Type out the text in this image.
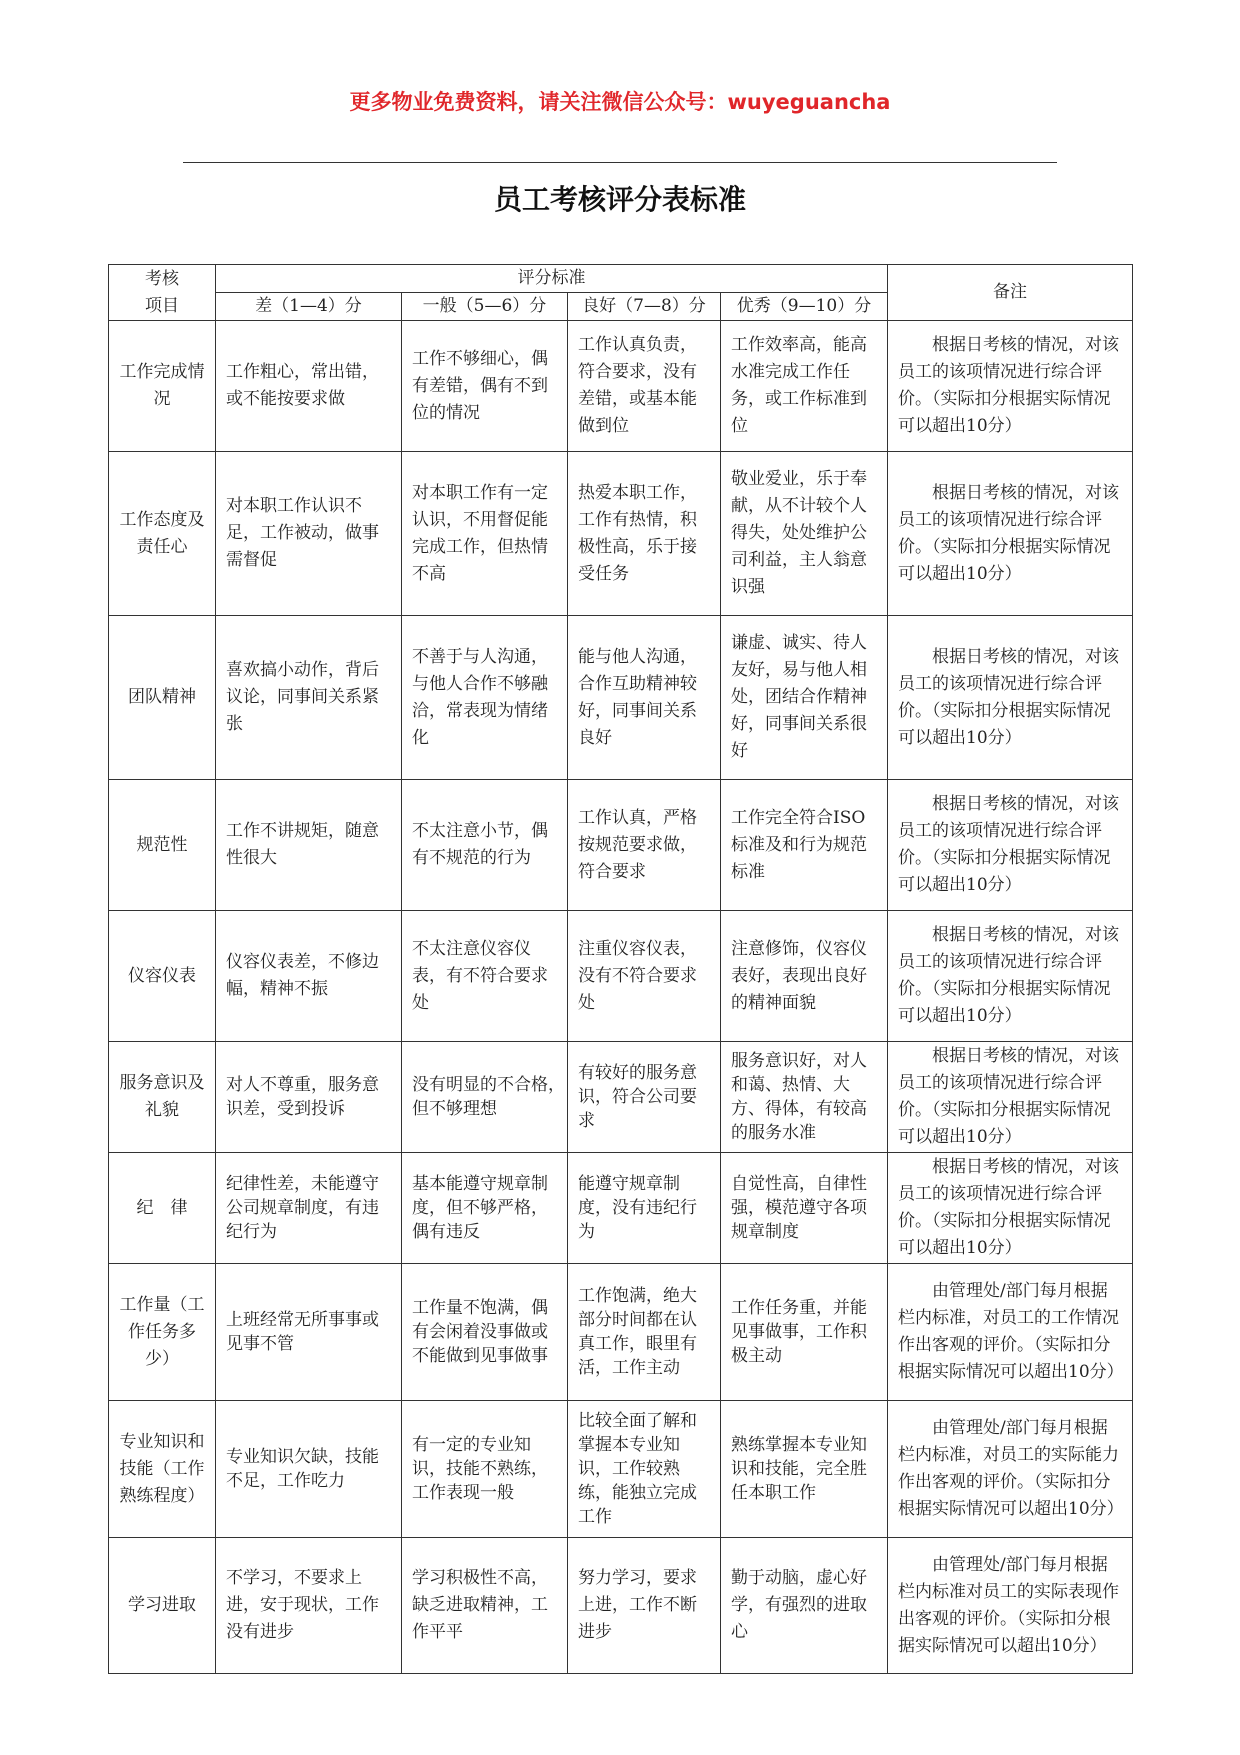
更多物业免费资料，请关注微信公众号：wuyeguancha
员工考核评分表标准
考核
项目	评分标准				备注
	差（1—4）分	一般（5—6）分	良好（7—8）分	优秀（9—10）分	
工作完成情况	工作粗心，常出错，或不能按要求做	工作不够细心，偶有差错，偶有不到位的情况	工作认真负责，符合要求，没有差错，或基本能做到位	工作效率高，能高水准完成工作任务，或工作标准到位	根据日考核的情况，对该员工的该项情况进行综合评价。（实际扣分根据实际情况可以超出10分）

工作态度及责任心	对本职工作认识不足，工作被动，做事需督促	对本职工作有一定认识，不用督促能完成工作，但热情不高	热爱本职工作，工作有热情，积极性高，乐于接受任务	敬业爱业，乐于奉献，从不计较个人得失，处处维护公司利益，主人翁意识强	根据日考核的情况，对该员工的该项情况进行综合评价。（实际扣分根据实际情况可以超出10分）

团队精神	喜欢搞小动作，背后议论，同事间关系紧张	不善于与人沟通，与他人合作不够融洽，常表现为情绪化	能与他人沟通，合作互助精神较好，同事间关系良好	谦虚、诚实、待人友好，易与他人相处，团结合作精神好，同事间关系很好	根据日考核的情况，对该员工的该项情况进行综合评价。（实际扣分根据实际情况可以超出10分）

规范性	工作不讲规矩，随意性很大	不太注意小节，偶有不规范的行为	工作认真，严格按规范要求做，符合要求	工作完全符合ISO标准及和行为规范标准	根据日考核的情况，对该员工的该项情况进行综合评价。（实际扣分根据实际情况可以超出10分）

仪容仪表	仪容仪表差，不修边幅，精神不振	不太注意仪容仪表，有不符合要求处	注重仪容仪表，没有不符合要求处	注意修饰，仪容仪表好，表现出良好的精神面貌	根据日考核的情况，对该员工的该项情况进行综合评价。（实际扣分根据实际情况可以超出10分）

服务意识及礼貌	对人不尊重，服务意识差，受到投诉	没有明显的不合格，　　但不够理想	有较好的服务意识，符合公司要求	服务意识好，对人和蔼、热情、大方、得体，有较高的服务水准	根据日考核的情况，对该员工的该项情况进行综合评价。（实际扣分根据实际情况可以超出10分）

纪　律	纪律性差，未能遵守公司规章制度，有违纪行为	基本能遵守规章制度，但不够严格，偶有违反	能遵守规章制度，没有违纪行为	自觉性高，自律性强，模范遵守各项规章制度	根据日考核的情况，对该员工的该项情况进行综合评价。（实际扣分根据实际情况可以超出10分）

工作量（工作任务多少）	上班经常无所事事或见事不管	工作量不饱满，偶有会闲着没事做或不能做到见事做事	工作饱满，绝大部分时间都在认真工作，眼里有活，工作主动	工作任务重，并能见事做事，工作积极主动	由管理处/部门每月根据栏内标准，对员工的工作情况作出客观的评价。（实际扣分根据实际情况可以超出10分）

专业知识和技能（工作熟练程度）	专业知识欠缺，技能不足，工作吃力	有一定的专业知识，技能不熟练，工作表现一般	比较全面了解和掌握本专业知识，工作较熟练，能独立完成工作	熟练掌握本专业知识和技能，完全胜任本职工作	由管理处/部门每月根据栏内标准，对员工的实际能力作出客观的评价。（实际扣分根据实际情况可以超出10分）

学习进取	不学习，不要求上进，安于现状，工作没有进步	学习积极性不高，缺乏进取精神，工作平平	努力学习，要求上进，工作不断进步	勤于动脑，虚心好学，有强烈的进取心	由管理处/部门每月根据栏内标准对员工的实际表现作出客观的评价。（实际扣分根据实际情况可以超出10分）
